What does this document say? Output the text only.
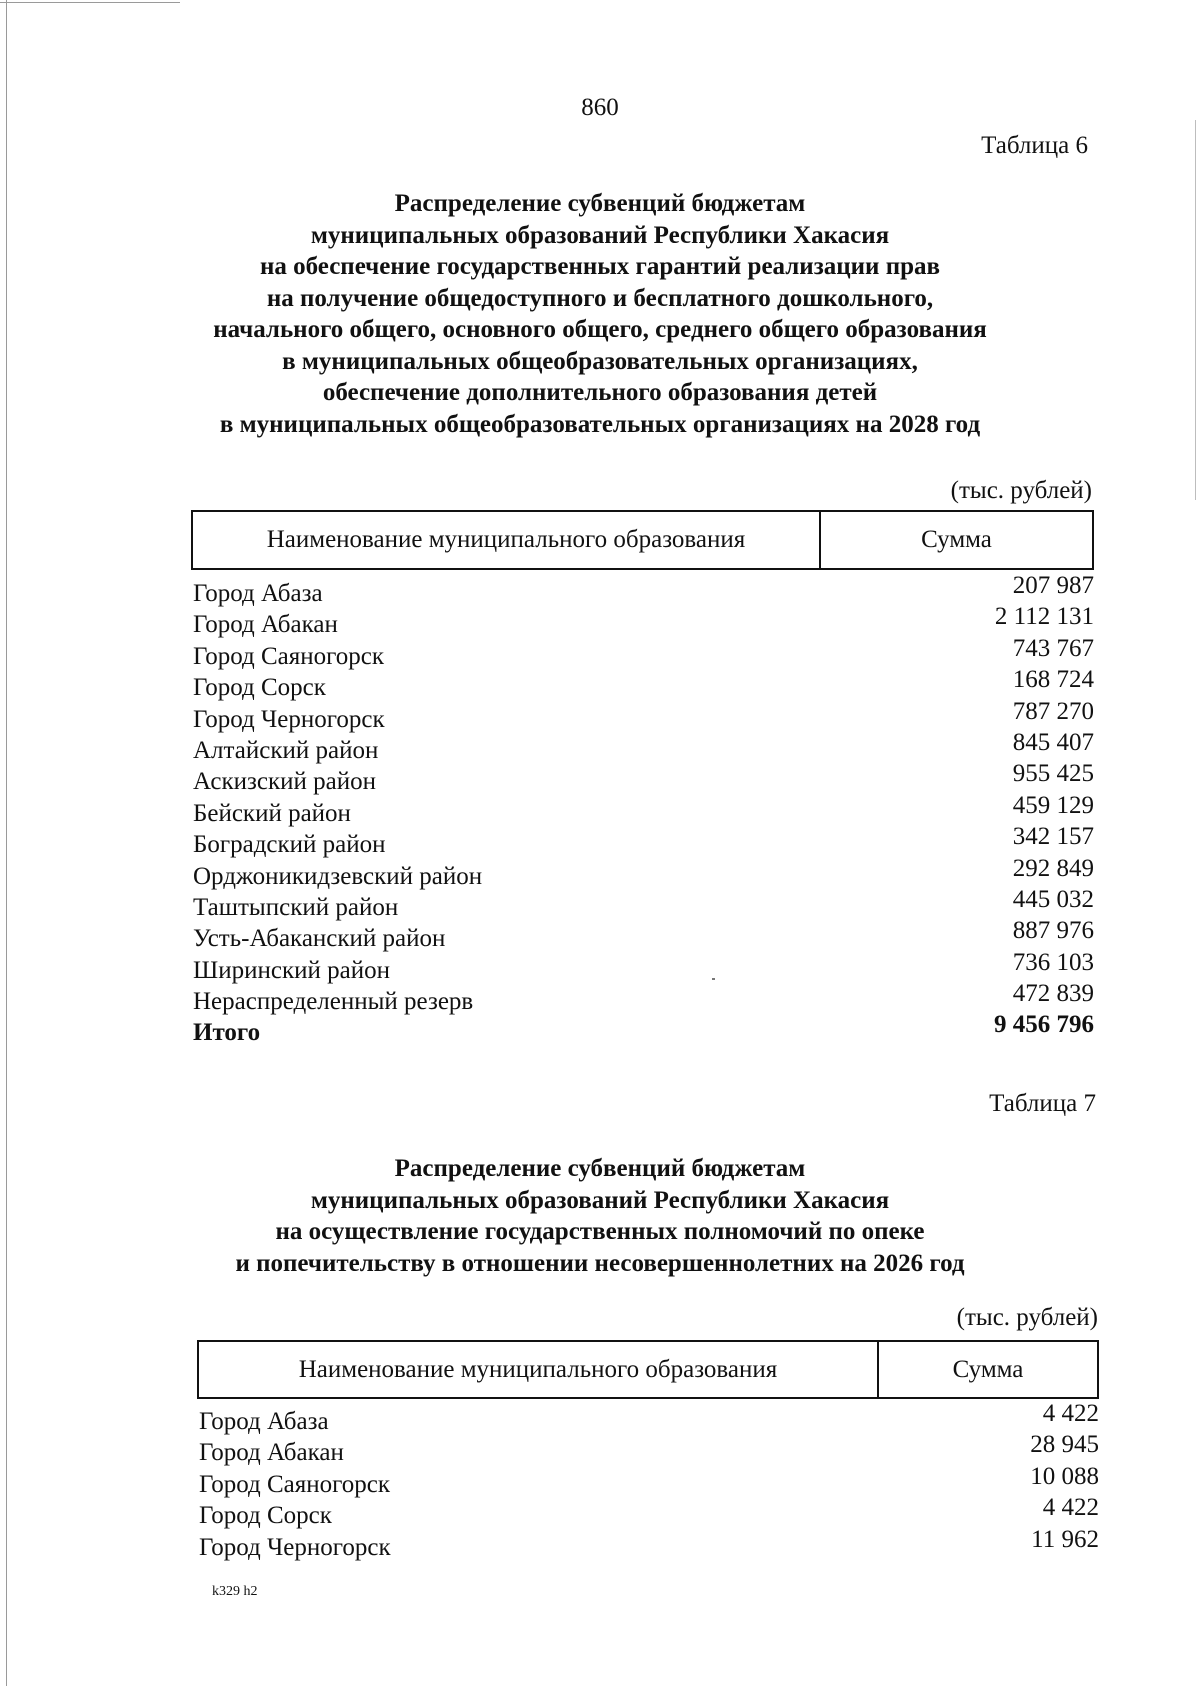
860
Таблица 6
Распределение субвенций бюджетам
муниципальных образований Республики Хакасия
на обеспечение государственных гарантий реализации прав
на получение общедоступного и бесплатного дошкольного,
начального общего, основного общего, среднего общего образования
в муниципальных общеобразовательных организациях,
обеспечение дополнительного образования детей
в муниципальных общеобразовательных организациях на 2028 год
(тыс. рублей)
Наименование муниципального образования	Сумма
Город Абаза	207 987
Город Абакан	2 112 131
Город Саяногорск	743 767
Город Сорск	168 724
Город Черногорск	787 270
Алтайский район	845 407
Аскизский район	955 425
Бейский район	459 129
Боградский район	342 157
Орджоникидзевский район	292 849
Таштыпский район	445 032
Усть-Абаканский район	887 976
Ширинский район	736 103
Нераспределенный резерв	472 839
Итого	9 456 796
Таблица 7
Распределение субвенций бюджетам
муниципальных образований Республики Хакасия
на осуществление государственных полномочий по опеке
и попечительству в отношении несовершеннолетних на 2026 год
(тыс. рублей)
Наименование муниципального образования	Сумма
Город Абаза	4 422
Город Абакан	28 945
Город Саяногорск	10 088
Город Сорск	4 422
Город Черногорск	11 962
k329 h2
